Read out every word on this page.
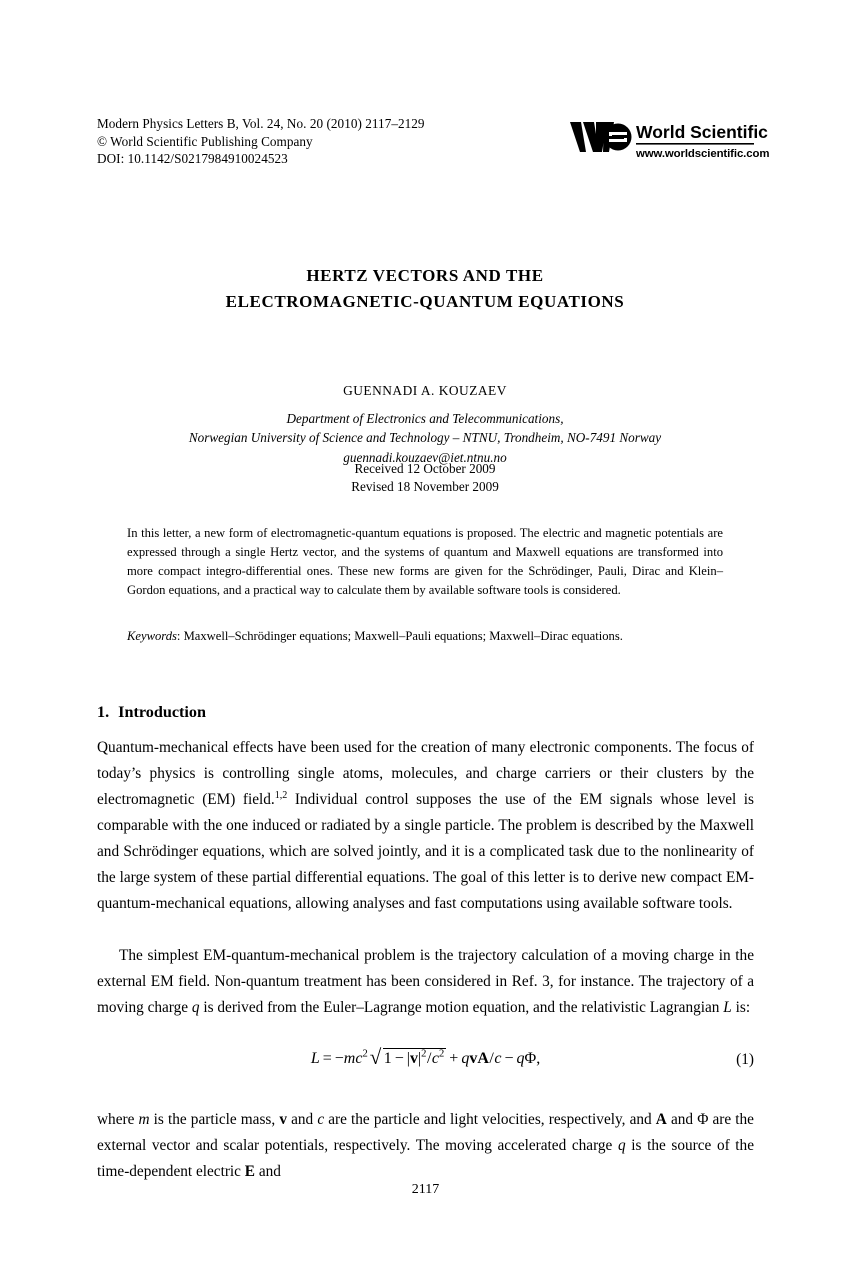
Modern Physics Letters B, Vol. 24, No. 20 (2010) 2117–2129
© World Scientific Publishing Company
DOI: 10.1142/S0217984910024523
World Scientific
www.worldscientific.com
HERTZ VECTORS AND THE
ELECTROMAGNETIC-QUANTUM EQUATIONS
GUENNADI A. KOUZAEV
Department of Electronics and Telecommunications,
Norwegian University of Science and Technology – NTNU, Trondheim, NO-7491 Norway
guennadi.kouzaev@iet.ntnu.no
Received 12 October 2009
Revised 18 November 2009
In this letter, a new form of electromagnetic-quantum equations is proposed. The electric and magnetic potentials are expressed through a single Hertz vector, and the systems of quantum and Maxwell equations are transformed into more compact integro-differential ones. These new forms are given for the Schrödinger, Pauli, Dirac and Klein–Gordon equations, and a practical way to calculate them by available software tools is considered.
Keywords: Maxwell–Schrödinger equations; Maxwell–Pauli equations; Maxwell–Dirac equations.
1. Introduction
Quantum-mechanical effects have been used for the creation of many electronic components. The focus of today’s physics is controlling single atoms, molecules, and charge carriers or their clusters by the electromagnetic (EM) field.$^{1,2}$ Individual control supposes the use of the EM signals whose level is comparable with the one induced or radiated by a single particle. The problem is described by the Maxwell and Schrödinger equations, which are solved jointly, and it is a complicated task due to the nonlinearity of the large system of these partial differential equations. The goal of this letter is to derive new compact EM-quantum-mechanical equations, allowing analyses and fast computations using available software tools.
The simplest EM-quantum-mechanical problem is the trajectory calculation of a moving charge in the external EM field. Non-quantum treatment has been considered in Ref. 3, for instance. The trajectory of a moving charge q is derived from the Euler–Lagrange motion equation, and the relativistic Lagrangian L is:
$L = -mc^2$ √ $1 - |v|^2/c^2 + qvA/c - q\Phi$,	(1)
where m is the particle mass, v and c are the particle and light velocities, respectively, and A and Φ are the external vector and scalar potentials, respectively. The moving accelerated charge q is the source of the time-dependent electric E and
2117
